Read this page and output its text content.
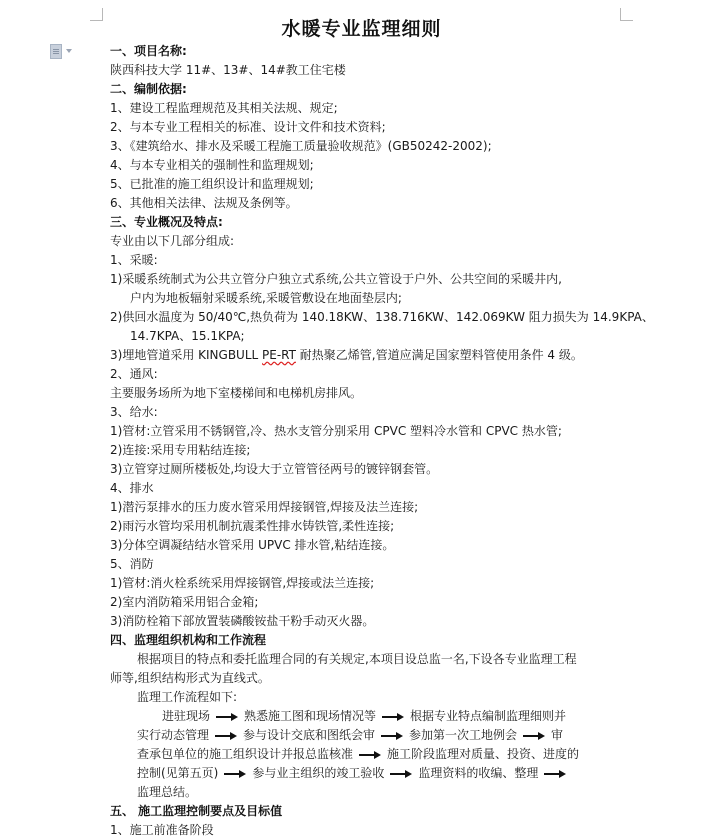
水暖专业监理细则
一、项目名称:
陕西科技大学 11#、13#、14#教工住宅楼
二、编制依据:
1、建设工程监理规范及其相关法规、规定;
2、与本专业工程相关的标准、设计文件和技术资料;
3、《建筑给水、排水及采暖工程施工质量验收规范》(GB50242-2002);
4、与本专业相关的强制性和监理规划;
5、已批准的施工组织设计和监理规划;
6、其他相关法律、法规及条例等。
三、专业概况及特点:
专业由以下几部分组成:
1、采暖:
1)采暖系统制式为公共立管分户独立式系统,公共立管设于户外、公共空间的采暖井内,
户内为地板辐射采暖系统,采暖管敷设在地面垫层内;
2)供回水温度为 50/40℃,热负荷为 140.18KW、138.716KW、142.069KW 阻力损失为 14.9KPA、
14.7KPA、15.1KPA;
3)埋地管道采用 KINGBULL PE-RT 耐热聚乙烯管,管道应满足国家塑料管使用条件 4 级。
2、通风:
主要服务场所为地下室楼梯间和电梯机房排风。
3、给水:
1)管材:立管采用不锈钢管,冷、热水支管分别采用 CPVC 塑料冷水管和 CPVC 热水管;
2)连接:采用专用粘结连接;
3)立管穿过厕所楼板处,均设大于立管管径两号的镀锌钢套管。
4、排水
1)潜污泵排水的压力废水管采用焊接钢管,焊接及法兰连接;
2)雨污水管均采用机制抗震柔性排水铸铁管,柔性连接;
3)分体空调凝结结水管采用 UPVC 排水管,粘结连接。
5、消防
1)管材:消火栓系统采用焊接钢管,焊接或法兰连接;
2)室内消防箱采用铝合金箱;
3)消防栓箱下部放置装磷酸铵盐干粉手动灭火器。
四、监理组织机构和工作流程
根据项目的特点和委托监理合同的有关规定,本项目设总监一名,下设各专业监理工程
师等,组织结构形式为直线式。
监理工作流程如下:
进驻现场	熟悉施工图和现场情况等	根据专业特点编制监理细则并
实行动态管理	参与设计交底和图纸会审	参加第一次工地例会	审
查承包单位的施工组织设计并报总监核准	施工阶段监理对质量、投资、进度的
控制(见第五页)	参与业主组织的竣工验收	监理资料的收编、整理
监理总结。
五、 施工监理控制要点及目标值
1、施工前准备阶段
